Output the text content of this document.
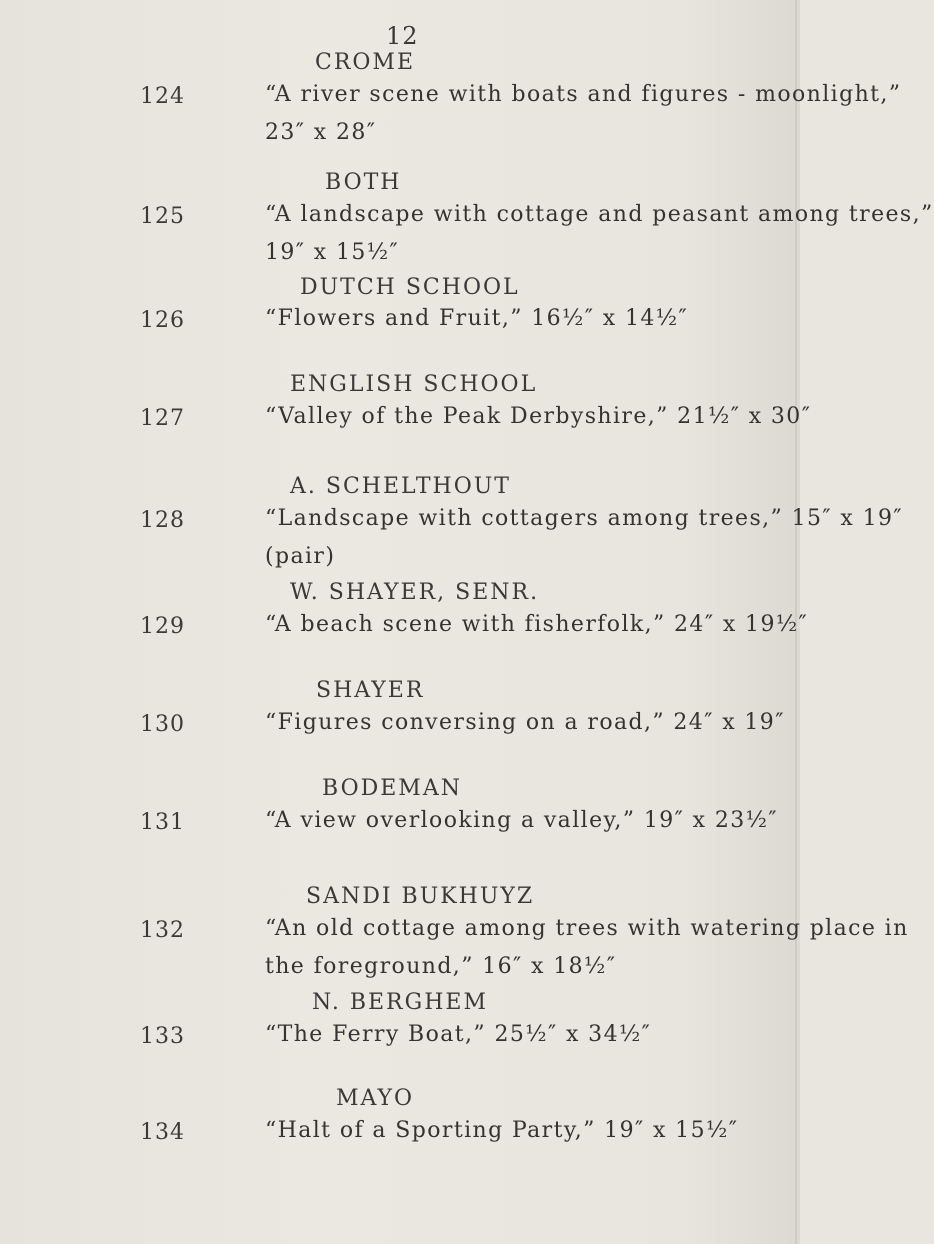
12
124
CROME
“A river scene with boats and figures - moonlight,”
23″ x 28″
125
BOTH
“A landscape with cottage and peasant among trees,”
19″ x 15½″
126
DUTCH SCHOOL
“Flowers and Fruit,” 16½″ x 14½″
127
ENGLISH SCHOOL
“Valley of the Peak Derbyshire,” 21½″ x 30″
128
A. SCHELTHOUT
“Landscape with cottagers among trees,” 15″ x 19″
(pair)
129
W. SHAYER, SENR.
“A beach scene with fisherfolk,” 24″ x 19½″
130
SHAYER
“Figures conversing on a road,” 24″ x 19″
131
BODEMAN
“A view overlooking a valley,” 19″ x 23½″
132
SANDI BUKHUYZ
“An old cottage among trees with watering place in
the foreground,” 16″ x 18½″
133
N. BERGHEM
“The Ferry Boat,” 25½″ x 34½″
134
MAYO
“Halt of a Sporting Party,” 19″ x 15½″
